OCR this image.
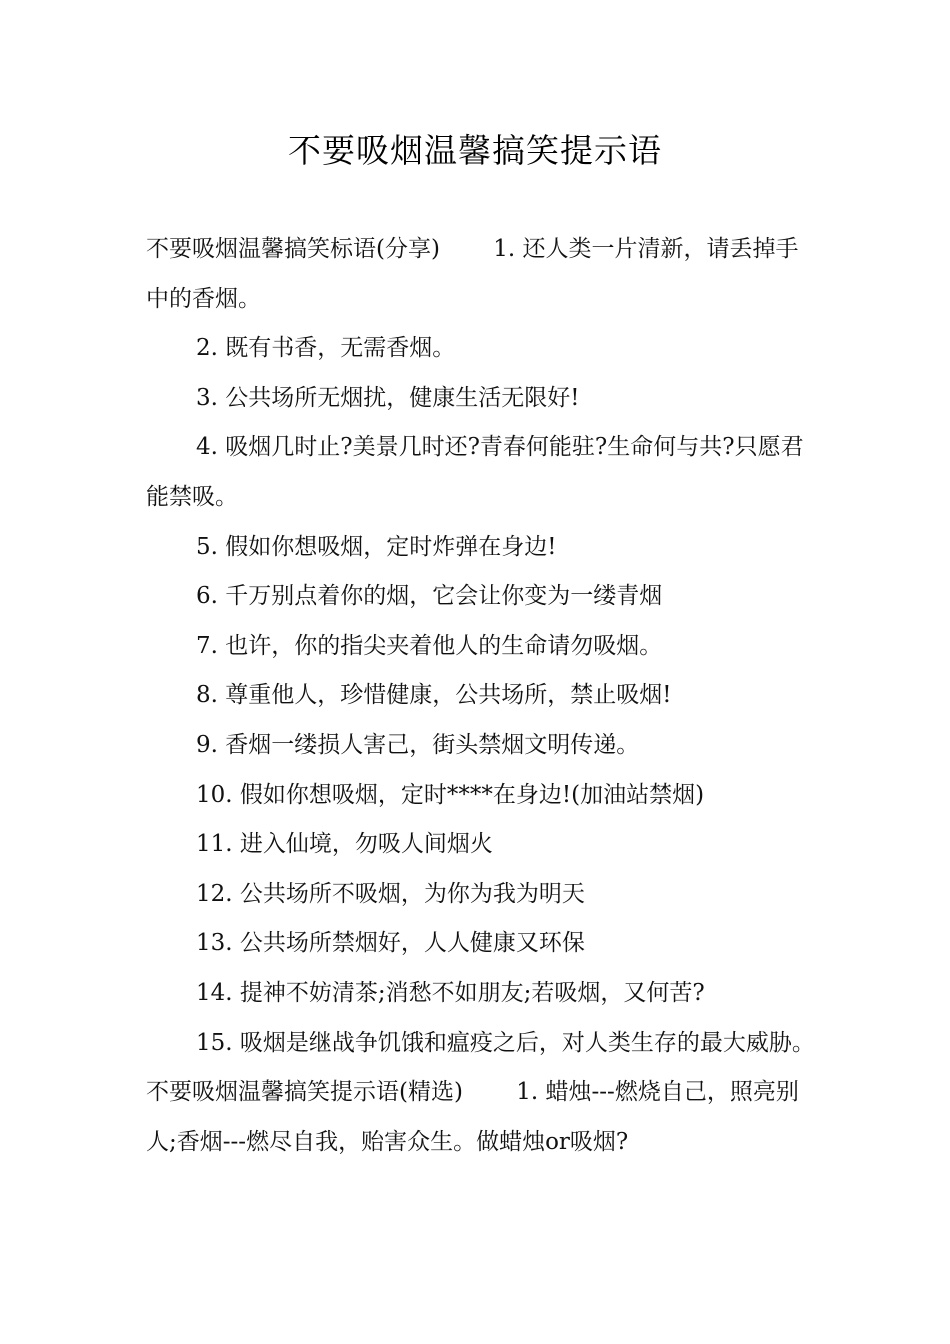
不要吸烟温馨搞笑提示语

不要吸烟温馨搞笑标语(分享)　　 1. 还人类一片清新，请丢掉手中的香烟。

2. 既有书香，无需香烟。

3. 公共场所无烟扰，健康生活无限好!

4. 吸烟几时止?美景几时还?青春何能驻?生命何与共?只愿君能禁吸。

5. 假如你想吸烟，定时炸弹在身边!

6. 千万别点着你的烟，它会让你变为一缕青烟

7. 也许，你的指尖夹着他人的生命请勿吸烟。

8. 尊重他人，珍惜健康，公共场所，禁止吸烟!

9. 香烟一缕损人害己，街头禁烟文明传递。

10. 假如你想吸烟，定时****在身边!(加油站禁烟)

11. 进入仙境，勿吸人间烟火

12. 公共场所不吸烟，为你为我为明天

13. 公共场所禁烟好，人人健康又环保

14. 提神不妨清茶;消愁不如朋友;若吸烟，又何苦?

15. 吸烟是继战争饥饿和瘟疫之后，对人类生存的最大威胁。

不要吸烟温馨搞笑提示语(精选)　　 1. 蜡烛---燃烧自己，照亮别人;香烟---燃尽自我，贻害众生。做蜡烛or吸烟?
